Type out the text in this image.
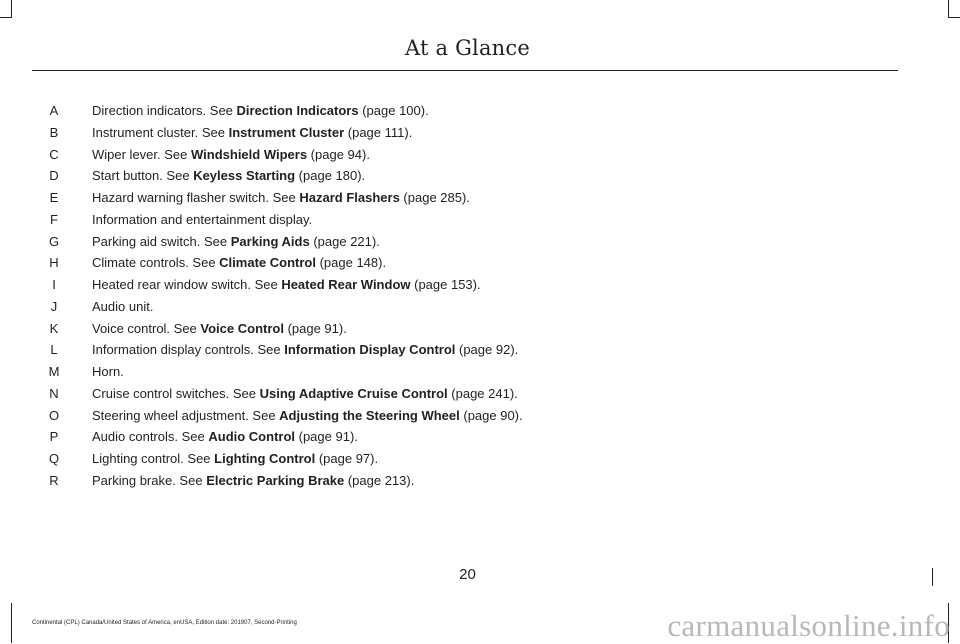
At a Glance
A	Direction indicators. See Direction Indicators (page 100).
B	Instrument cluster. See Instrument Cluster (page 111).
C	Wiper lever. See Windshield Wipers (page 94).
D	Start button. See Keyless Starting (page 180).
E	Hazard warning flasher switch. See Hazard Flashers (page 285).
F	Information and entertainment display.
G	Parking aid switch. See Parking Aids (page 221).
H	Climate controls. See Climate Control (page 148).
I	Heated rear window switch. See Heated Rear Window (page 153).
J	Audio unit.
K	Voice control. See Voice Control (page 91).
L	Information display controls. See Information Display Control (page 92).
M	Horn.
N	Cruise control switches. See Using Adaptive Cruise Control (page 241).
O	Steering wheel adjustment. See Adjusting the Steering Wheel (page 90).
P	Audio controls. See Audio Control (page 91).
Q	Lighting control. See Lighting Control (page 97).
R	Parking brake. See Electric Parking Brake (page 213).
20
Continental (CPL) Canada/United States of America, enUSA, Edition date: 201907, Second-Printing	carmanualsonline.info
